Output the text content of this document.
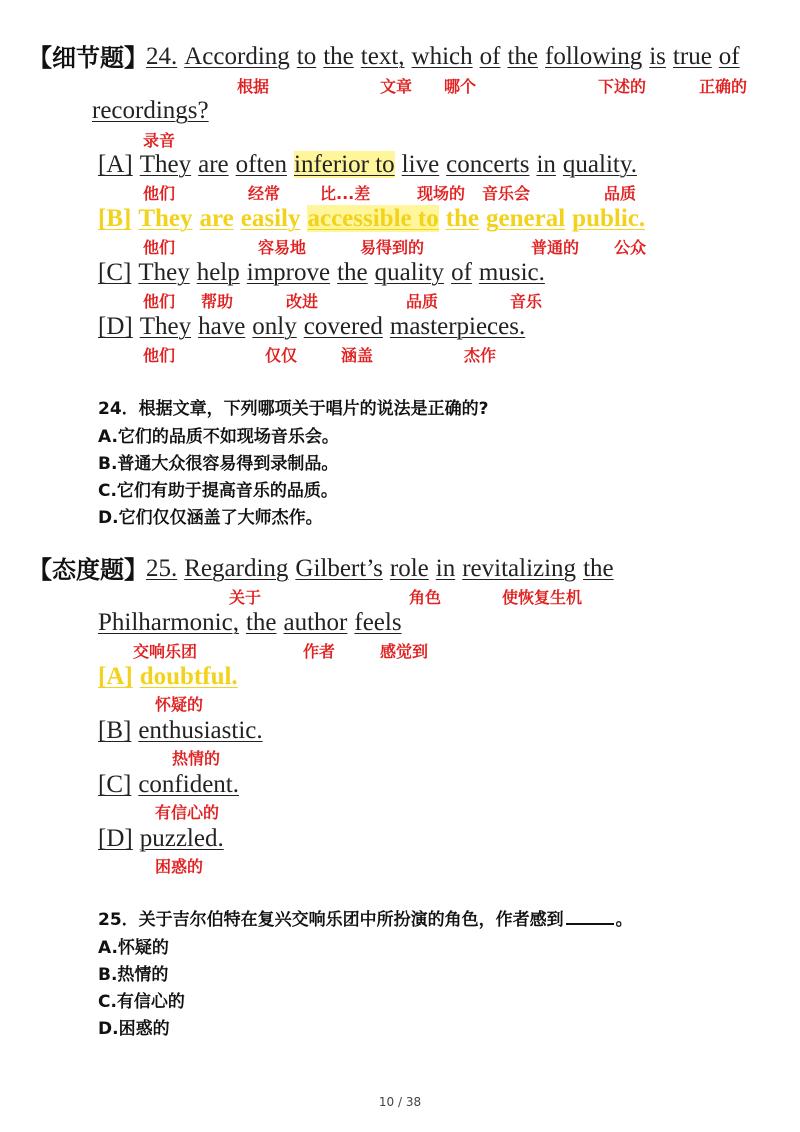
【细节题】
24. According to the text, which of the following is true of
根据	文章 哪个	下述的	正确的
recordings?
录音
[A] They are often inferior to live concerts in quality.
他们	经常 比...差	现场的 音乐会	品质
[B] They are easily accessible to the general public.
他们	容易地	易得到的	普通的 公众
[C] They help improve the quality of music.
他们 帮助	改进	品质	音乐
[D] They have only covered masterpieces.
他们	仅仅	涵盖	杰作
24．根据文章，下列哪项关于唱片的说法是正确的?
A.它们的品质不如现场音乐会。
B.普通大众很容易得到录制品。
C.它们有助于提高音乐的品质。
D.它们仅仅涵盖了大师杰作。
【态度题】
25. Regarding Gilbert’s role in revitalizing the
关于	角色	使恢复生机
Philharmonic, the author feels
交响乐团	作者	感觉到
[A] doubtful.
怀疑的
[B] enthusiastic.
热情的
[C] confident.
有信心的
[D] puzzled.
困惑的
25．关于吉尔伯特在复兴交响乐团中所扮演的角色，作者感到	。
A.怀疑的
B.热情的
C.有信心的
D.困惑的
10 / 38
